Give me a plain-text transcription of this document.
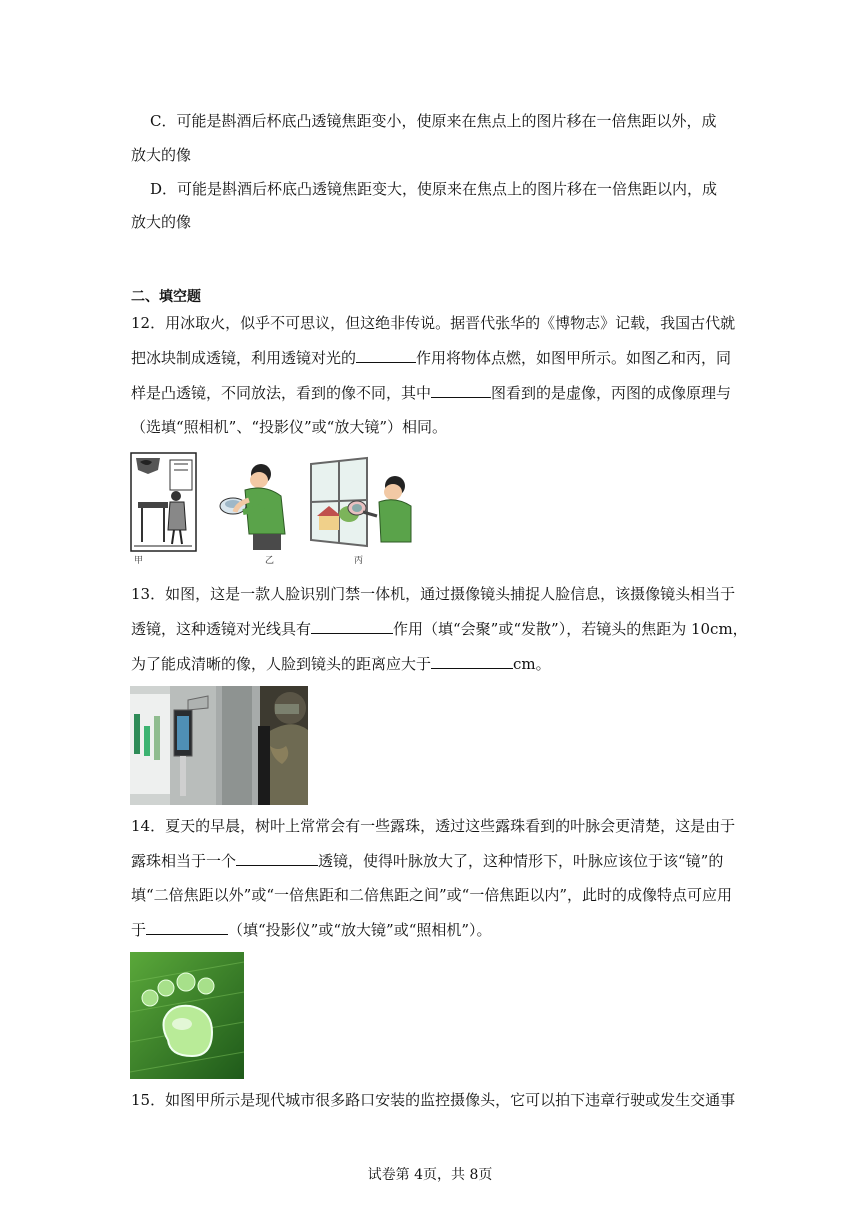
C．可能是斟酒后杯底凸透镜焦距变小，使原来在焦点上的图片移在一倍焦距以外，成
放大的像
D．可能是斟酒后杯底凸透镜焦距变大，使原来在焦点上的图片移在一倍焦距以内，成
放大的像
二、填空题
12．用冰取火，似乎不可思议，但这绝非传说。据晋代张华的《博物志》记载，我国古代就
把冰块制成透镜，利用透镜对光的	作用将物体点燃，如图甲所示。如图乙和丙，同
样是凸透镜，不同放法，看到的像不同，其中	图看到的是虚像，丙图的成像原理与
（选填“照相机”、“投影仪”或“放大镜”）相同。
甲	乙	丙
13．如图，这是一款人脸识别门禁一体机，通过摄像镜头捕捉人脸信息，该摄像镜头相当于
透镜，这种透镜对光线具有	作用（填“会聚”或“发散”），若镜头的焦距为 10cm，
为了能成清晰的像，人脸到镜头的距离应大于	cm。
14．夏天的早晨，树叶上常常会有一些露珠，透过这些露珠看到的叶脉会更清楚，这是由于
露珠相当于一个	透镜，使得叶脉放大了，这种情形下，叶脉应该位于该“镜”的
填“二倍焦距以外”或“一倍焦距和二倍焦距之间”或“一倍焦距以内”，此时的成像特点可应用
于	（填“投影仪”或“放大镜”或“照相机”）。
15．如图甲所示是现代城市很多路口安装的监控摄像头，它可以拍下违章行驶或发生交通事
试卷第 4页，共 8页
